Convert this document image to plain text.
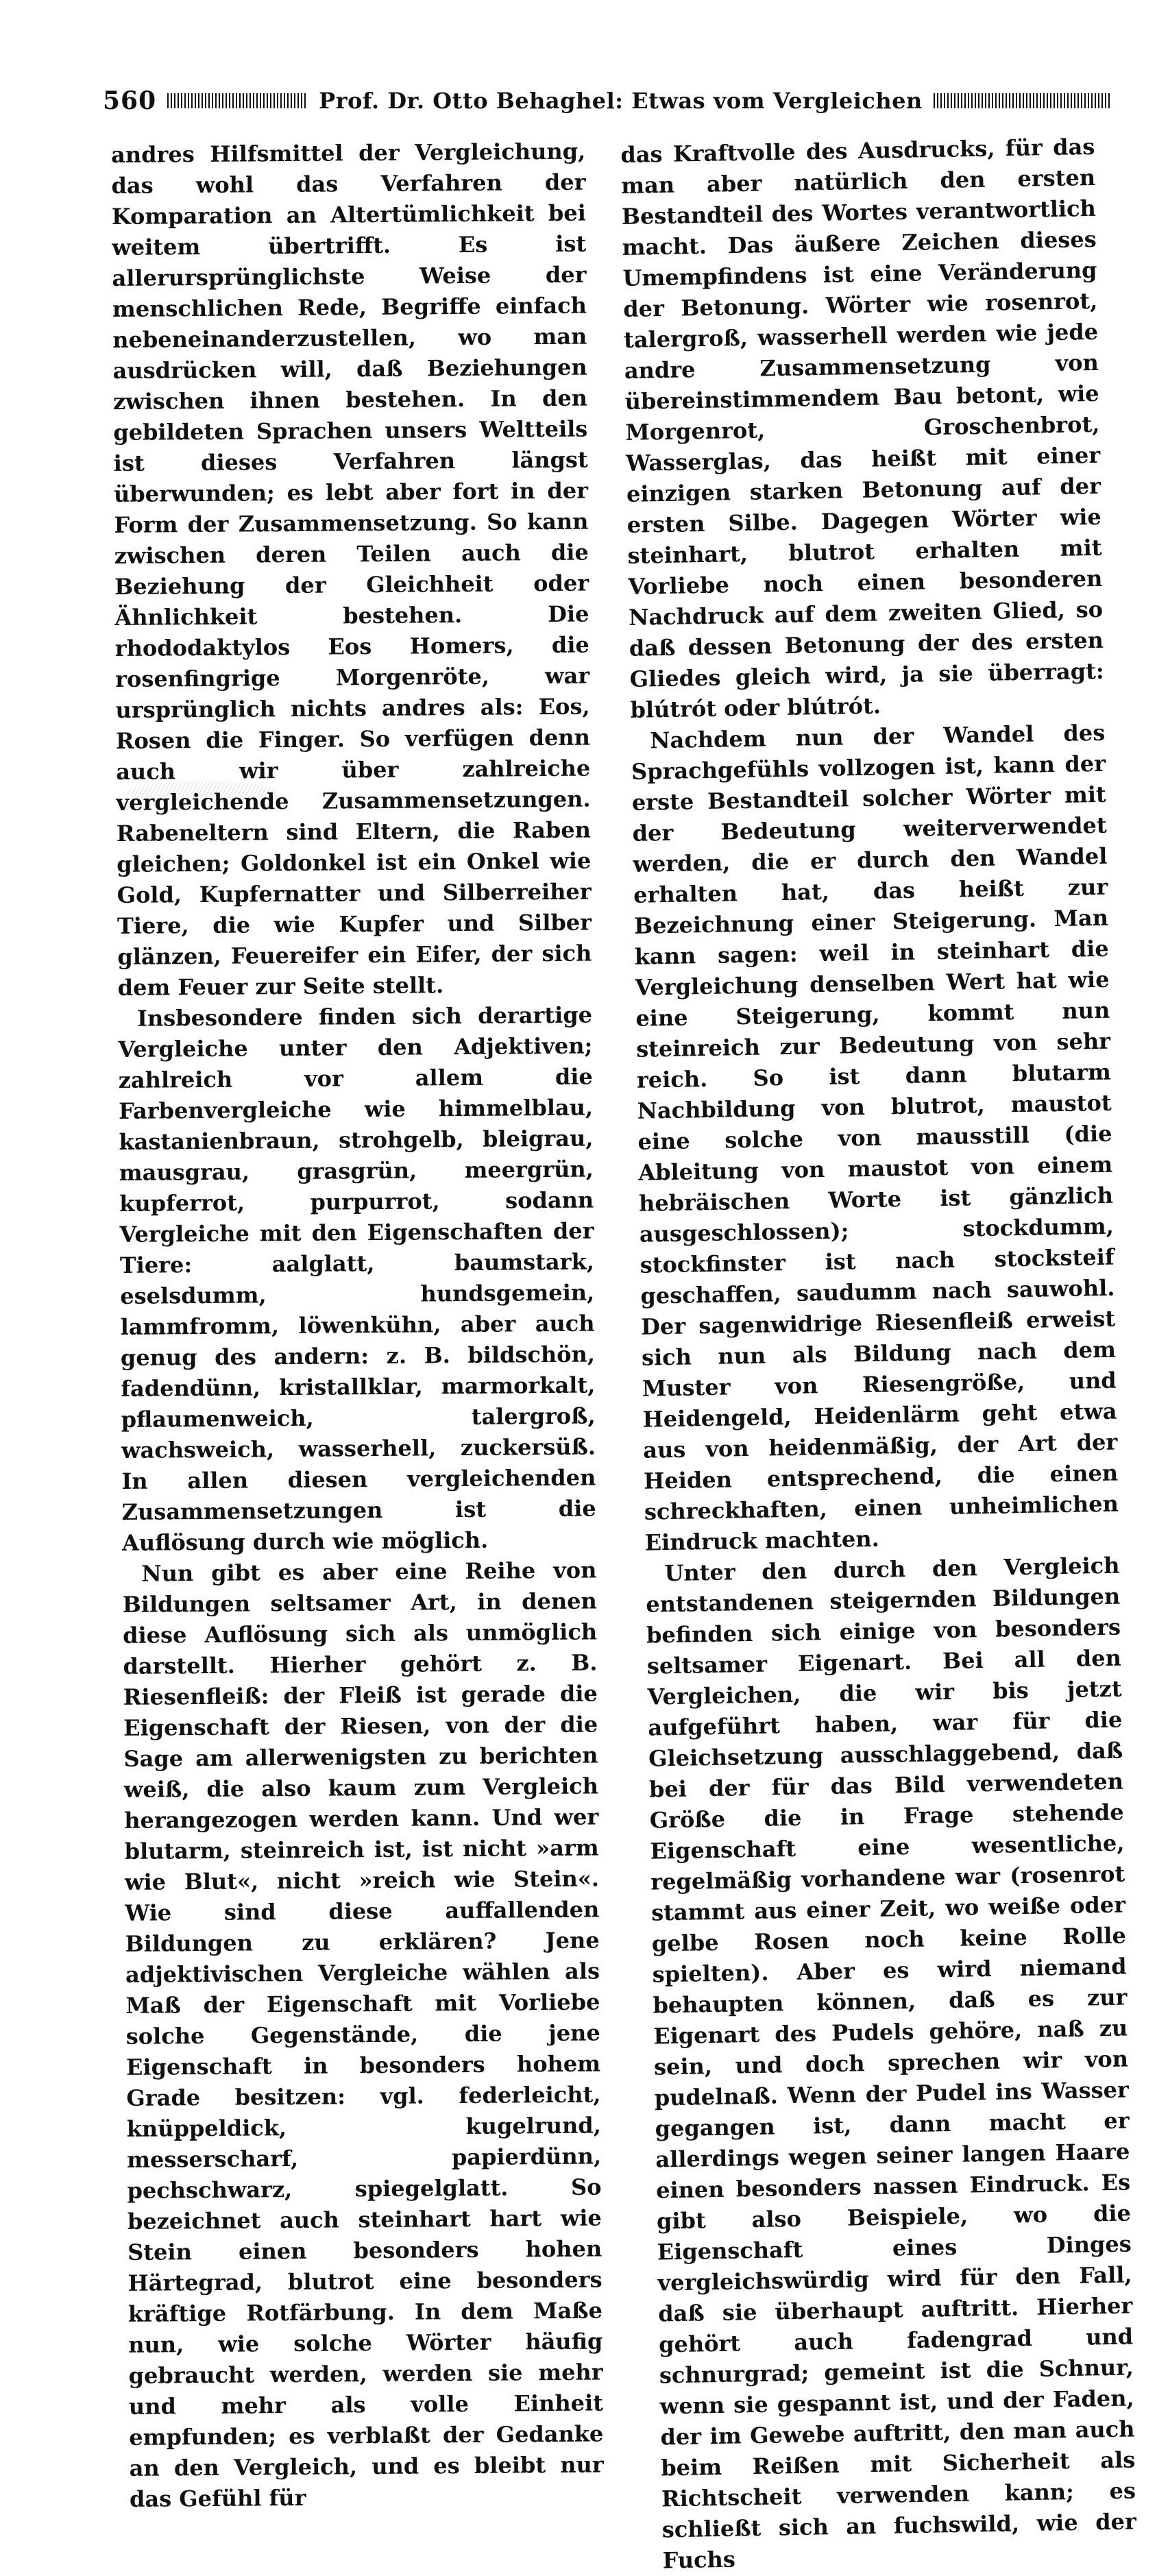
560	Prof. Dr. Otto Behaghel: Etwas vom Vergleichen

andres Hilfsmittel der Vergleichung, das wohl das Verfahren der Komparation an Altertümlichkeit bei weitem übertrifft. Es ist allerursprünglichste Weise der menschlichen Rede, Begriffe einfach nebeneinanderzustellen, wo man ausdrücken will, daß Beziehungen zwischen ihnen bestehen. In den gebildeten Sprachen unsers Weltteils ist dieses Verfahren längst überwunden; es lebt aber fort in der Form der Zusammensetzung. So kann zwischen deren Teilen auch die Beziehung der Gleichheit oder Ähnlichkeit bestehen. Die rhododaktylos Eos Homers, die rosenfingrige Morgenröte, war ursprünglich nichts andres als: Eos, Rosen die Finger. So verfügen denn auch wir über zahlreiche vergleichende Zusammensetzungen. Rabeneltern sind Eltern, die Raben gleichen; Goldonkel ist ein Onkel wie Gold, Kupfernatter und Silberreiher Tiere, die wie Kupfer und Silber glänzen, Feuereifer ein Eifer, der sich dem Feuer zur Seite stellt.

Insbesondere finden sich derartige Vergleiche unter den Adjektiven; zahlreich vor allem die Farbenvergleiche wie himmelblau, kastanienbraun, strohgelb, bleigrau, mausgrau, grasgrün, meergrün, kupferrot, purpurrot, sodann Vergleiche mit den Eigenschaften der Tiere: aalglatt, baumstark, eselsdumm, hundsgemein, lammfromm, löwenkühn, aber auch genug des andern: z. B. bildschön, fadendünn, kristallklar, marmorkalt, pflaumenweich, talergroß, wachsweich, wasserhell, zuckersüß. In allen diesen vergleichenden Zusammensetzungen ist die Auflösung durch wie möglich.

Nun gibt es aber eine Reihe von Bildungen seltsamer Art, in denen diese Auflösung sich als unmöglich darstellt. Hierher gehört z. B. Riesenfleiß: der Fleiß ist gerade die Eigenschaft der Riesen, von der die Sage am allerwenigsten zu berichten weiß, die also kaum zum Vergleich herangezogen werden kann. Und wer blutarm, steinreich ist, ist nicht »arm wie Blut«, nicht »reich wie Stein«. Wie sind diese auffallenden Bildungen zu erklären? Jene adjektivischen Vergleiche wählen als Maß der Eigenschaft mit Vorliebe solche Gegenstände, die jene Eigenschaft in besonders hohem Grade besitzen: vgl. federleicht, knüppeldick, kugelrund, messerscharf, papierdünn, pechschwarz, spiegelglatt. So bezeichnet auch steinhart hart wie Stein einen besonders hohen Härtegrad, blutrot eine besonders kräftige Rotfärbung. In dem Maße nun, wie solche Wörter häufig gebraucht werden, werden sie mehr und mehr als volle Einheit empfunden; es verblaßt der Gedanke an den Vergleich, und es bleibt nur das Gefühl für

das Kraftvolle des Ausdrucks, für das man aber natürlich den ersten Bestandteil des Wortes verantwortlich macht. Das äußere Zeichen dieses Umempfindens ist eine Veränderung der Betonung. Wörter wie rosenrot, talergroß, wasserhell werden wie jede andre Zusammensetzung von übereinstimmendem Bau betont, wie Morgenrot, Groschenbrot, Wasserglas, das heißt mit einer einzigen starken Betonung auf der ersten Silbe. Dagegen Wörter wie steinhart, blutrot erhalten mit Vorliebe noch einen besonderen Nachdruck auf dem zweiten Glied, so daß dessen Betonung der des ersten Gliedes gleich wird, ja sie überragt: blútrót oder blútrót.

Nachdem nun der Wandel des Sprachgefühls vollzogen ist, kann der erste Bestandteil solcher Wörter mit der Bedeutung weiterverwendet werden, die er durch den Wandel erhalten hat, das heißt zur Bezeichnung einer Steigerung. Man kann sagen: weil in steinhart die Vergleichung denselben Wert hat wie eine Steigerung, kommt nun steinreich zur Bedeutung von sehr reich. So ist dann blutarm Nachbildung von blutrot, maustot eine solche von mausstill (die Ableitung von maustot von einem hebräischen Worte ist gänzlich ausgeschlossen); stockdumm, stockfinster ist nach stocksteif geschaffen, saudumm nach sauwohl. Der sagenwidrige Riesenfleiß erweist sich nun als Bildung nach dem Muster von Riesengröße, und Heidengeld, Heidenlärm geht etwa aus von heidenmäßig, der Art der Heiden entsprechend, die einen schreckhaften, einen unheimlichen Eindruck machten.

Unter den durch den Vergleich entstandenen steigernden Bildungen befinden sich einige von besonders seltsamer Eigenart. Bei all den Vergleichen, die wir bis jetzt aufgeführt haben, war für die Gleichsetzung ausschlaggebend, daß bei der für das Bild verwendeten Größe die in Frage stehende Eigenschaft eine wesentliche, regelmäßig vorhandene war (rosenrot stammt aus einer Zeit, wo weiße oder gelbe Rosen noch keine Rolle spielten). Aber es wird niemand behaupten können, daß es zur Eigenart des Pudels gehöre, naß zu sein, und doch sprechen wir von pudelnaß. Wenn der Pudel ins Wasser gegangen ist, dann macht er allerdings wegen seiner langen Haare einen besonders nassen Eindruck. Es gibt also Beispiele, wo die Eigenschaft eines Dinges vergleichswürdig wird für den Fall, daß sie überhaupt auftritt. Hierher gehört auch fadengrad und schnurgrad; gemeint ist die Schnur, wenn sie gespannt ist, und der Faden, der im Gewebe auftritt, den man auch beim Reißen mit Sicherheit als Richtscheit verwenden kann; es schließt sich an fuchswild, wie der Fuchs
